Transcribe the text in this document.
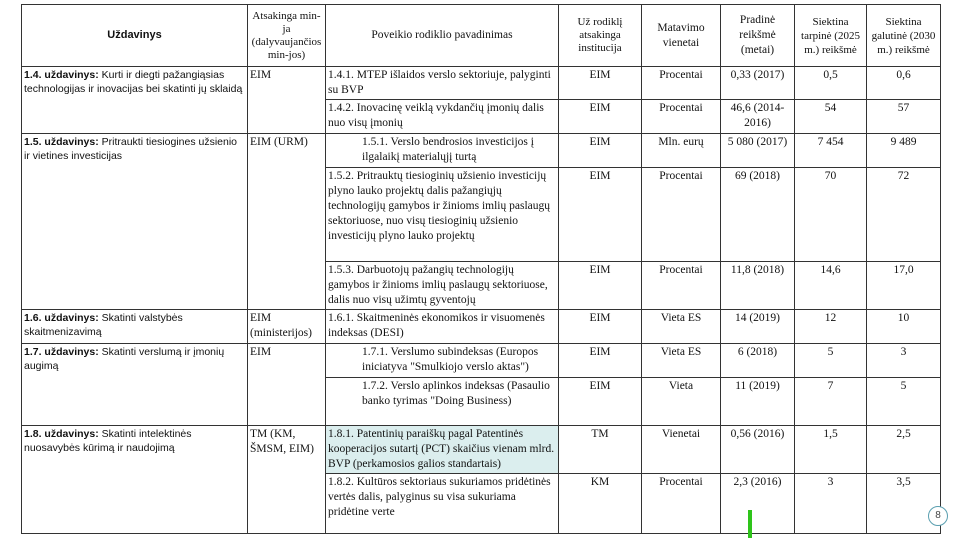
Uždavinys	Atsakinga min-ja (dalyvaujančios min-jos)	Poveikio rodiklio pavadinimas	Už rodiklį atsakinga institucija	Matavimo vienetai	Pradinė reikšmė (metai)	Siektina tarpinė (2025 m.) reikšmė	Siektina galutinė (2030 m.) reikšmė
1.4. uždavinys: Kurti ir diegti pažangiąsias technologijas ir inovacijas bei skatinti jų sklaidą	EIM	1.4.1. MTEP išlaidos verslo sektoriuje, palyginti su BVP	EIM	Procentai	0,33 (2017)	0,5	0,6
		1.4.2. Inovacinę veiklą vykdančių įmonių dalis nuo visų įmonių	EIM	Procentai	46,6 (2014-2016)	54	57
1.5. uždavinys: Pritraukti tiesiogines užsienio ir vietines investicijas	EIM (URM)	1.5.1. Verslo bendrosios investicijos į ilgalaikį materialųjį turtą	EIM	Mln. eurų	5 080 (2017)	7 454	9 489
		1.5.2. Pritrauktų tiesioginių užsienio investicijų plyno lauko projektų dalis pažangiųjų technologijų gamybos ir žinioms imlių paslaugų sektoriuose, nuo visų tiesioginių užsienio investicijų plyno lauko projektų	EIM	Procentai	69 (2018)	70	72
		1.5.3. Darbuotojų pažangių technologijų gamybos ir žinioms imlių paslaugų sektoriuose, dalis nuo visų užimtų gyventojų	EIM	Procentai	11,8 (2018)	14,6	17,0
1.6. uždavinys: Skatinti valstybės skaitmenizavimą	EIM (ministerijos)	1.6.1. Skaitmeninės ekonomikos ir visuomenės indeksas (DESI)	EIM	Vieta ES	14 (2019)	12	10
1.7. uždavinys: Skatinti verslumą ir įmonių augimą	EIM	1.7.1. Verslumo subindeksas (Europos iniciatyva "Smulkiojo verslo aktas")	EIM	Vieta ES	6 (2018)	5	3
		1.7.2. Verslo aplinkos indeksas (Pasaulio banko tyrimas "Doing Business)	EIM	Vieta	11 (2019)	7	5
1.8. uždavinys: Skatinti intelektinės nuosavybės kūrimą ir naudojimą	TM (KM, ŠMSM, EIM)	1.8.1. Patentinių paraiškų pagal Patentinės kooperacijos sutartį (PCT) skaičius vienam mlrd. BVP (perkamosios galios standartais)	TM	Vienetai	0,56 (2016)	1,5	2,5
		1.8.2. Kultūros sektoriaus sukuriamos pridėtinės vertės dalis, palyginus su visa sukuriama pridėtine verte	KM	Procentai	2,3 (2016)	3	3,5
8
